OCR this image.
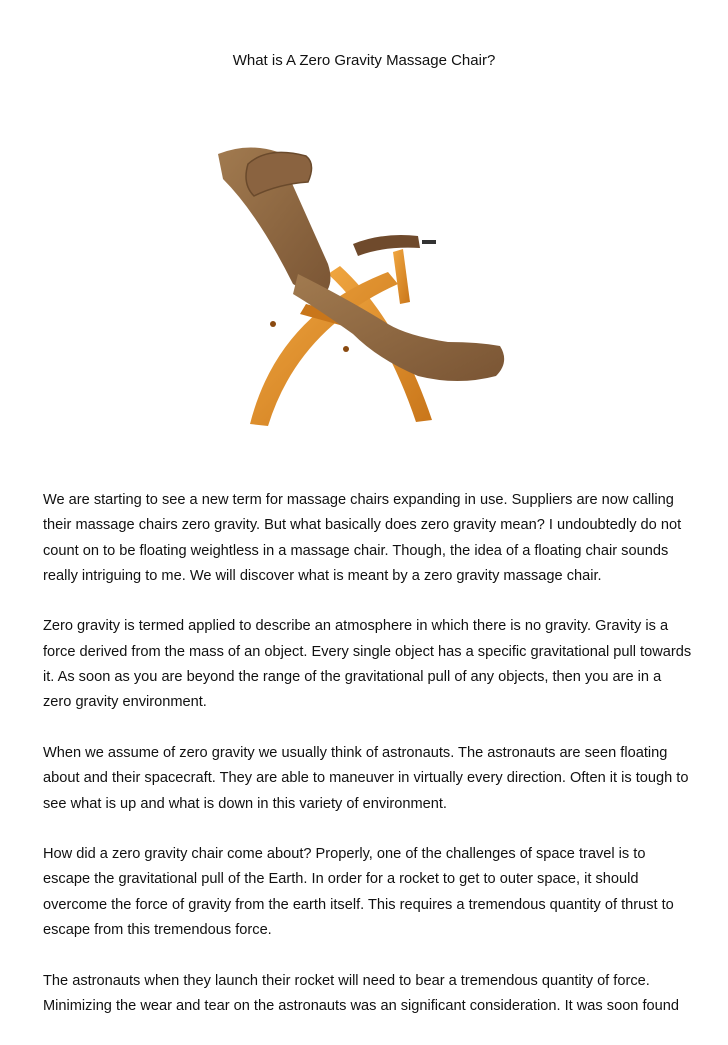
What is A Zero Gravity Massage Chair?

We are starting to see a new term for massage chairs expanding in use. Suppliers are now calling their massage chairs zero gravity. But what basically does zero gravity mean? I undoubtedly do not count on to be floating weightless in a massage chair. Though, the idea of a floating chair sounds really intriguing to me. We will discover what is meant by a zero gravity massage chair.

Zero gravity is termed applied to describe an atmosphere in which there is no gravity. Gravity is a force derived from the mass of an object. Every single object has a specific gravitational pull towards it. As soon as you are beyond the range of the gravitational pull of any objects, then you are in a zero gravity environment.

When we assume of zero gravity we usually think of astronauts. The astronauts are seen floating about and their spacecraft. They are able to maneuver in virtually every direction. Often it is tough to see what is up and what is down in this variety of environment.

How did a zero gravity chair come about? Properly, one of the challenges of space travel is to escape the gravitational pull of the Earth. In order for a rocket to get to outer space, it should overcome the force of gravity from the earth itself. This requires a tremendous quantity of thrust to escape from this tremendous force.

The astronauts when they launch their rocket will need to bear a tremendous quantity of force. Minimizing the wear and tear on the astronauts was an significant consideration. It was soon found
